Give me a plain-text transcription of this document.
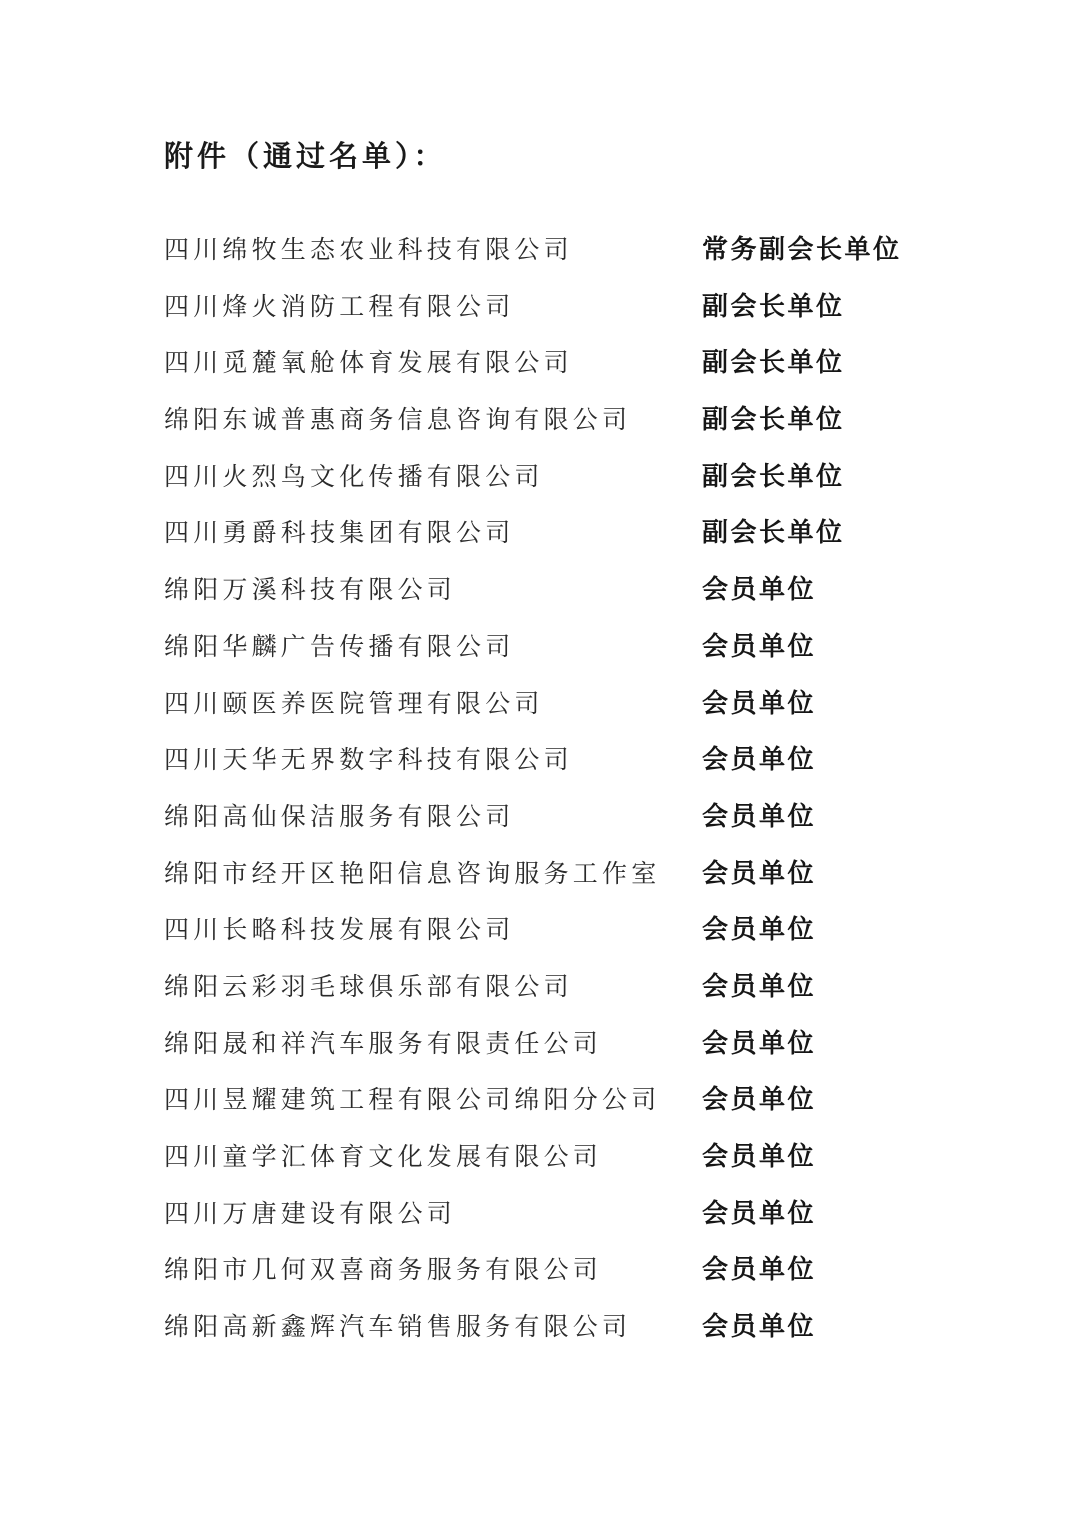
附件（通过名单）：
四川绵牧生态农业科技有限公司	常务副会长单位
四川烽火消防工程有限公司	副会长单位
四川觅麓氧舱体育发展有限公司	副会长单位
绵阳东诚普惠商务信息咨询有限公司	副会长单位
四川火烈鸟文化传播有限公司	副会长单位
四川勇爵科技集团有限公司	副会长单位
绵阳万溪科技有限公司	会员单位
绵阳华麟广告传播有限公司	会员单位
四川颐医养医院管理有限公司	会员单位
四川天华无界数字科技有限公司	会员单位
绵阳高仙保洁服务有限公司	会员单位
绵阳市经开区艳阳信息咨询服务工作室 会员单位
四川长略科技发展有限公司	会员单位
绵阳云彩羽毛球俱乐部有限公司	会员单位
绵阳晟和祥汽车服务有限责任公司	会员单位
四川昱耀建筑工程有限公司绵阳分公司 会员单位
四川童学汇体育文化发展有限公司	会员单位
四川万唐建设有限公司	会员单位
绵阳市几何双喜商务服务有限公司	会员单位
绵阳高新鑫辉汽车销售服务有限公司	会员单位
